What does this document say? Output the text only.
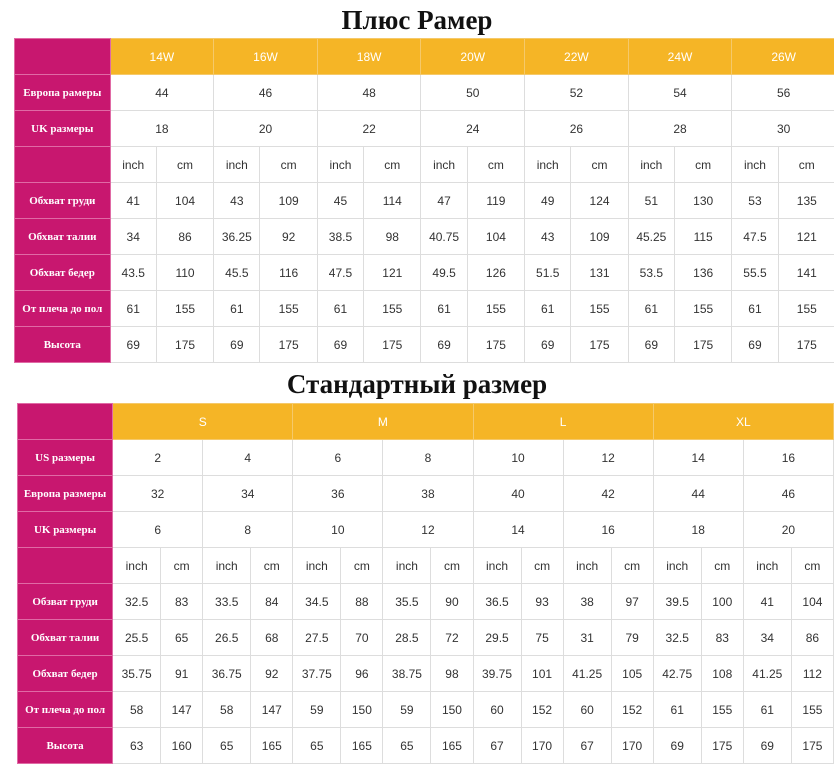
Плюс Рамер
	14W		16W		18W		20W		22W		24W		26W	
Европа рамеры	44		46		48		50		52		54		56	
UK размеры	18		20		22		24		26		28		30	
	inch	cm	inch	cm	inch	cm	inch	cm	inch	cm	inch	cm	inch	cm
Обхват груди	41	104	43	109	45	114	47	119	49	124	51	130	53	135
Обхват талии	34	86	36.25	92	38.5	98	40.75	104	43	109	45.25	115	47.5	121
Обхват бедер	43.5	110	45.5	116	47.5	121	49.5	126	51.5	131	53.5	136	55.5	141
От плеча до пол	61	155	61	155	61	155	61	155	61	155	61	155	61	155
Высота	69	175	69	175	69	175	69	175	69	175	69	175	69	175
Стандартный размер
	S				M				L				XL			
US размеры	2		4		6		8		10		12		14		16	
Европа размеры	32		34		36		38		40		42		44		46	
UK размеры	6		8		10		12		14		16		18		20	
	inch	cm	inch	cm	inch	cm	inch	cm	inch	cm	inch	cm	inch	cm	inch	cm
Обзват груди	32.5	83	33.5	84	34.5	88	35.5	90	36.5	93	38	97	39.5	100	41	104
Обхват талии	25.5	65	26.5	68	27.5	70	28.5	72	29.5	75	31	79	32.5	83	34	86
Обхват бедер	35.75	91	36.75	92	37.75	96	38.75	98	39.75	101	41.25	105	42.75	108	41.25	112
От плеча до пол	58	147	58	147	59	150	59	150	60	152	60	152	61	155	61	155
Высота	63	160	65	165	65	165	65	165	67	170	67	170	69	175	69	175
